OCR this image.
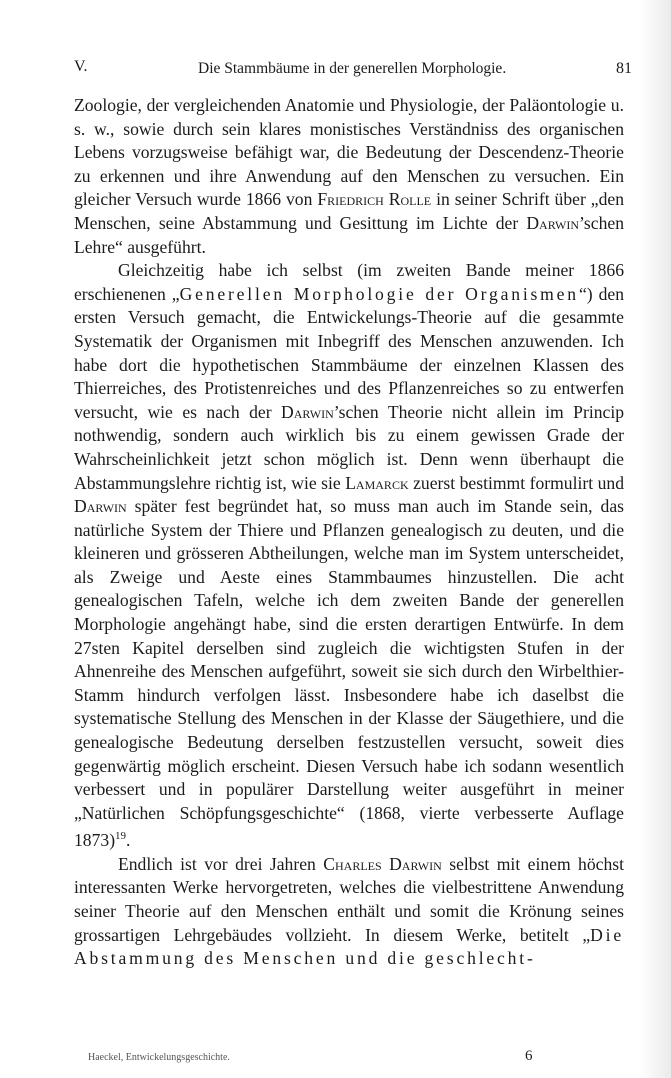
V.	Die Stammbäume in der generellen Morphologie.	81

Zoologie, der vergleichenden Anatomie und Physiologie, der Paläontologie u. s. w., sowie durch sein klares monistisches Verständniss des organischen Lebens vorzugsweise befähigt war, die Bedeutung der Descendenz-Theorie zu erkennen und ihre Anwendung auf den Menschen zu versuchen. Ein gleicher Versuch wurde 1866 von Friedrich Rolle in seiner Schrift über „den Menschen, seine Abstammung und Gesittung im Lichte der Darwin’schen Lehre“ ausgeführt.

Gleichzeitig habe ich selbst (im zweiten Bande meiner 1866 erschienenen „Generellen Morphologie der Organismen“) den ersten Versuch gemacht, die Entwickelungs-Theorie auf die gesammte Systematik der Organismen mit Inbegriff des Menschen anzuwenden. Ich habe dort die hypothetischen Stammbäume der einzelnen Klassen des Thierreiches, des Protistenreiches und des Pflanzenreiches so zu entwerfen versucht, wie es nach der Darwin’schen Theorie nicht allein im Princip nothwendig, sondern auch wirklich bis zu einem gewissen Grade der Wahrscheinlichkeit jetzt schon möglich ist. Denn wenn überhaupt die Abstammungslehre richtig ist, wie sie Lamarck zuerst bestimmt formulirt und Darwin später fest begründet hat, so muss man auch im Stande sein, das natürliche System der Thiere und Pflanzen genealogisch zu deuten, und die kleineren und grösseren Abtheilungen, welche man im System unterscheidet, als Zweige und Aeste eines Stammbaumes hinzustellen. Die acht genealogischen Tafeln, welche ich dem zweiten Bande der generellen Morphologie angehängt habe, sind die ersten derartigen Entwürfe. In dem 27sten Kapitel derselben sind zugleich die wichtigsten Stufen in der Ahnenreihe des Menschen aufgeführt, soweit sie sich durch den Wirbelthier-Stamm hindurch verfolgen lässt. Insbesondere habe ich daselbst die systematische Stellung des Menschen in der Klasse der Säugethiere, und die genealogische Bedeutung derselben festzustellen versucht, soweit dies gegenwärtig möglich erscheint. Diesen Versuch habe ich sodann wesentlich verbessert und in populärer Darstellung weiter ausgeführt in meiner „Natürlichen Schöpfungsgeschichte“ (1868, vierte verbesserte Auflage 1873)$^{19}$.

Endlich ist vor drei Jahren Charles Darwin selbst mit einem höchst interessanten Werke hervorgetreten, welches die vielbestrittene Anwendung seiner Theorie auf den Menschen enthält und somit die Krönung seines grossartigen Lehrgebäudes vollzieht. In diesem Werke, betitelt „Die Abstammung des Menschen und die geschlecht-

Haeckel, Entwickelungsgeschichte.	6
